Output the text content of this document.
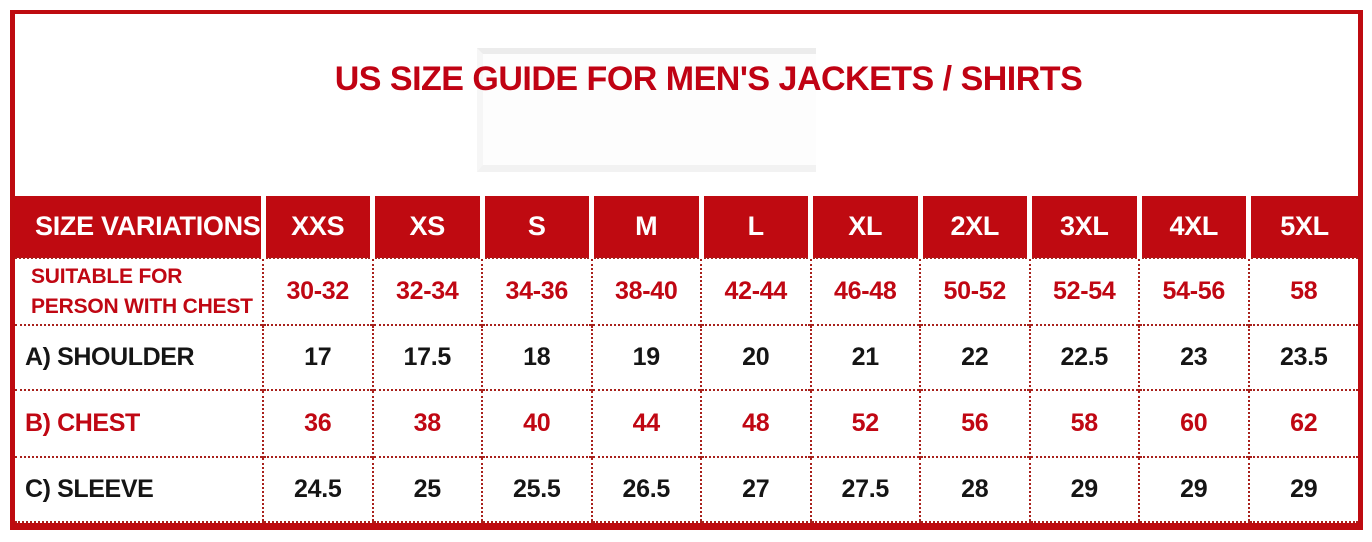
US SIZE GUIDE FOR MEN'S JACKETS / SHIRTS
SIZE VARIATIONS	XXS	XS	S	M	L	XL	2XL	3XL	4XL	5XL
SUITABLE FOR PERSON WITH CHEST	30-32	32-34	34-36	38-40	42-44	46-48	50-52	52-54	54-56	58
A) SHOULDER	17	17.5	18	19	20	21	22	22.5	23	23.5
B) CHEST	36	38	40	44	48	52	56	58	60	62
C) SLEEVE	24.5	25	25.5	26.5	27	27.5	28	29	29	29
